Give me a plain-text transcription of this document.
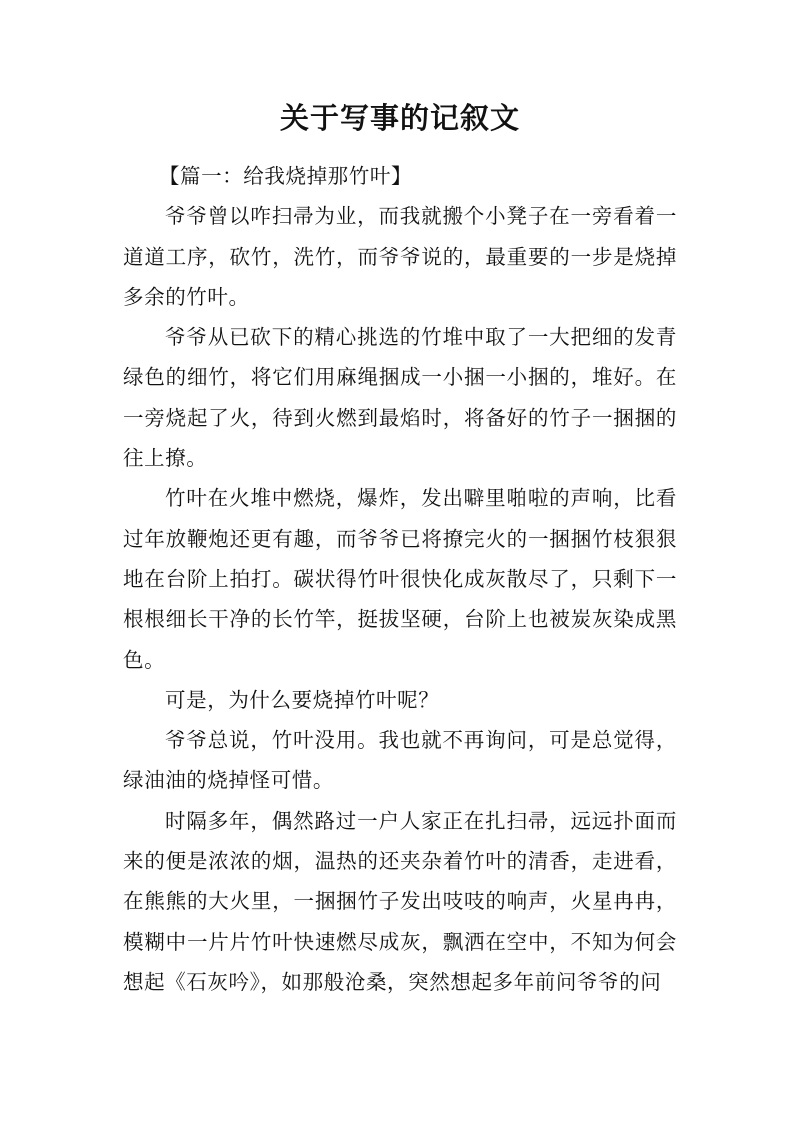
关于写事的记叙文

【篇一：给我烧掉那竹叶】

爷爷曾以咋扫帚为业，而我就搬个小凳子在一旁看着一道道工序，砍竹，洗竹，而爷爷说的，最重要的一步是烧掉多余的竹叶。

爷爷从已砍下的精心挑选的竹堆中取了一大把细的发青绿色的细竹，将它们用麻绳捆成一小捆一小捆的，堆好。在一旁烧起了火，待到火燃到最焰时，将备好的竹子一捆捆的往上撩。

竹叶在火堆中燃烧，爆炸，发出噼里啪啦的声响，比看过年放鞭炮还更有趣，而爷爷已将撩完火的一捆捆竹枝狠狠地在台阶上拍打。碳状得竹叶很快化成灰散尽了，只剩下一根根细长干净的长竹竿，挺拔坚硬，台阶上也被炭灰染成黑色。

可是，为什么要烧掉竹叶呢？

爷爷总说，竹叶没用。我也就不再询问，可是总觉得，绿油油的烧掉怪可惜。

时隔多年，偶然路过一户人家正在扎扫帚，远远扑面而来的便是浓浓的烟，温热的还夹杂着竹叶的清香，走进看，在熊熊的大火里，一捆捆竹子发出吱吱的响声，火星冉冉，模糊中一片片竹叶快速燃尽成灰，飘洒在空中，不知为何会想起《石灰吟》，如那般沧桑，突然想起多年前问爷爷的问
